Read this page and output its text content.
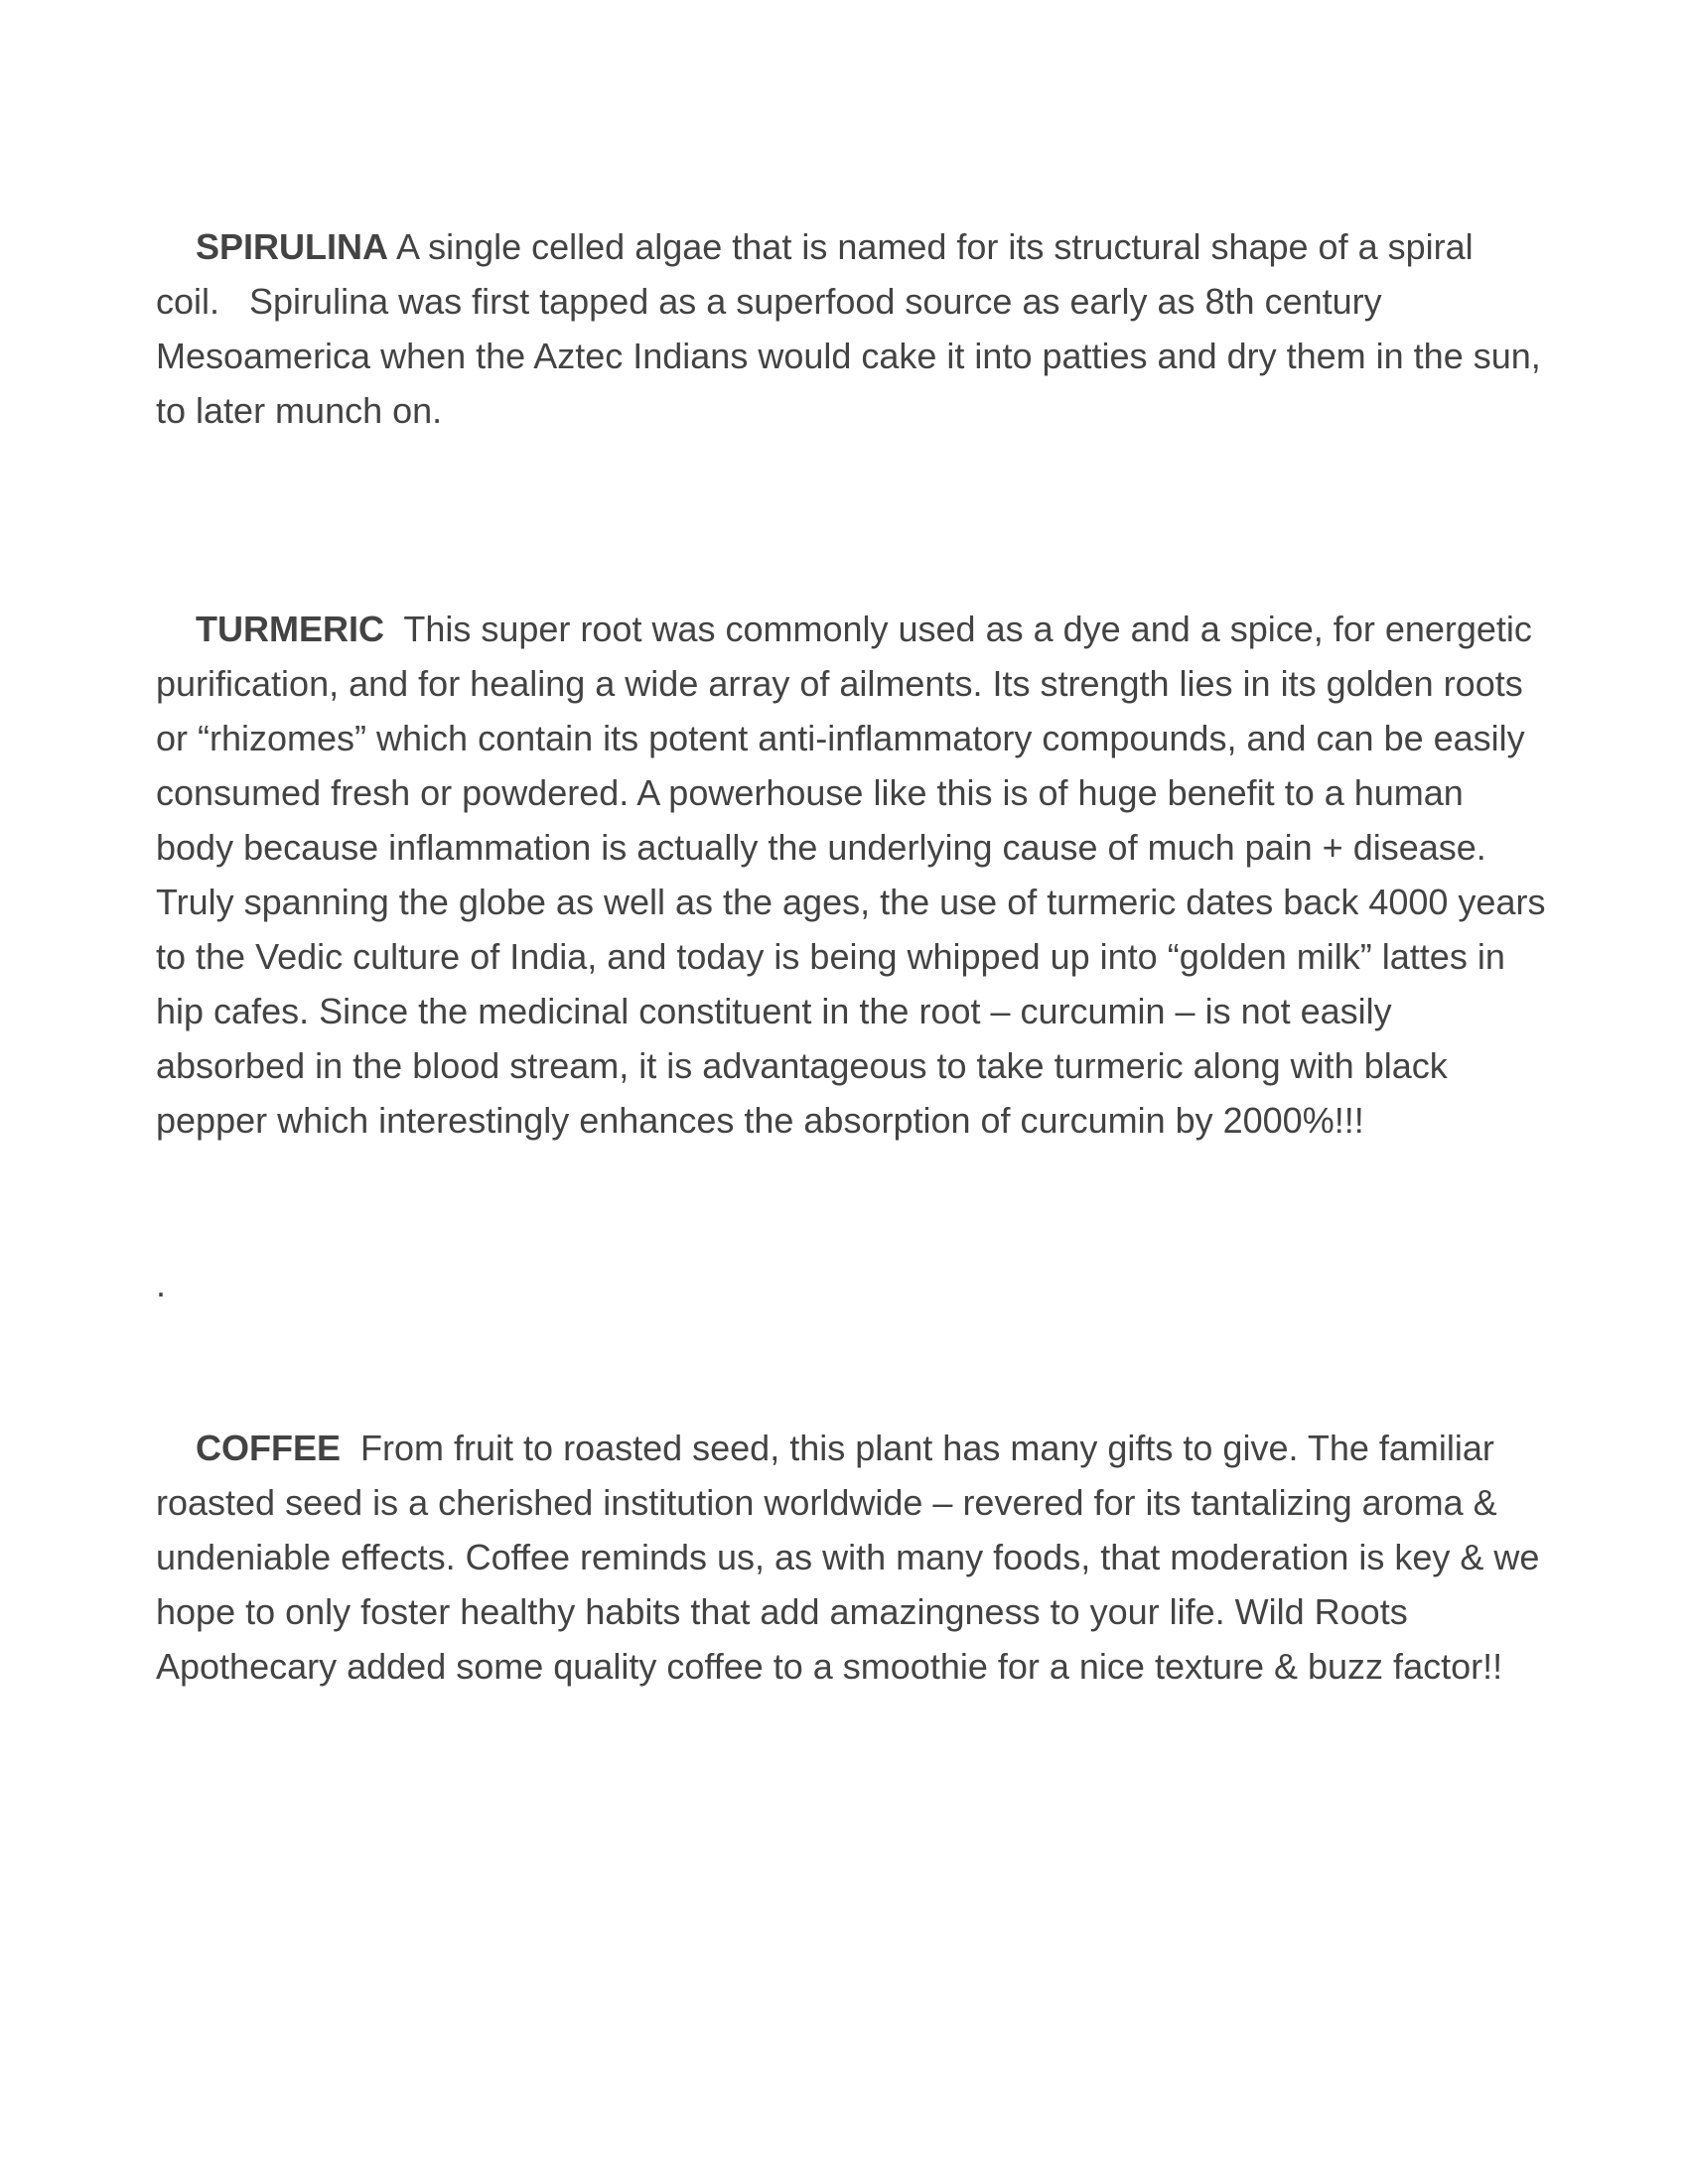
SPIRULINA A single celled algae that is named for its structural shape of a spiral coil.   Spirulina was first tapped as a superfood source as early as 8th century Mesoamerica when the Aztec Indians would cake it into patties and dry them in the sun, to later munch on.

TURMERIC  This super root was commonly used as a dye and a spice, for energetic purification, and for healing a wide array of ailments. Its strength lies in its golden roots or “rhizomes” which contain its potent anti-inflammatory compounds, and can be easily consumed fresh or powdered. A powerhouse like this is of huge benefit to a human body because inflammation is actually the underlying cause of much pain + disease. Truly spanning the globe as well as the ages, the use of turmeric dates back 4000 years to the Vedic culture of India, and today is being whipped up into “golden milk” lattes in hip cafes. Since the medicinal constituent in the root – curcumin – is not easily absorbed in the blood stream, it is advantageous to take turmeric along with black pepper which interestingly enhances the absorption of curcumin by 2000%!!!

.

COFFEE  From fruit to roasted seed, this plant has many gifts to give. The familiar roasted seed is a cherished institution worldwide – revered for its tantalizing aroma & undeniable effects. Coffee reminds us, as with many foods, that moderation is key & we hope to only foster healthy habits that add amazingness to your life. Wild Roots Apothecary added some quality coffee to a smoothie for a nice texture & buzz factor!!
